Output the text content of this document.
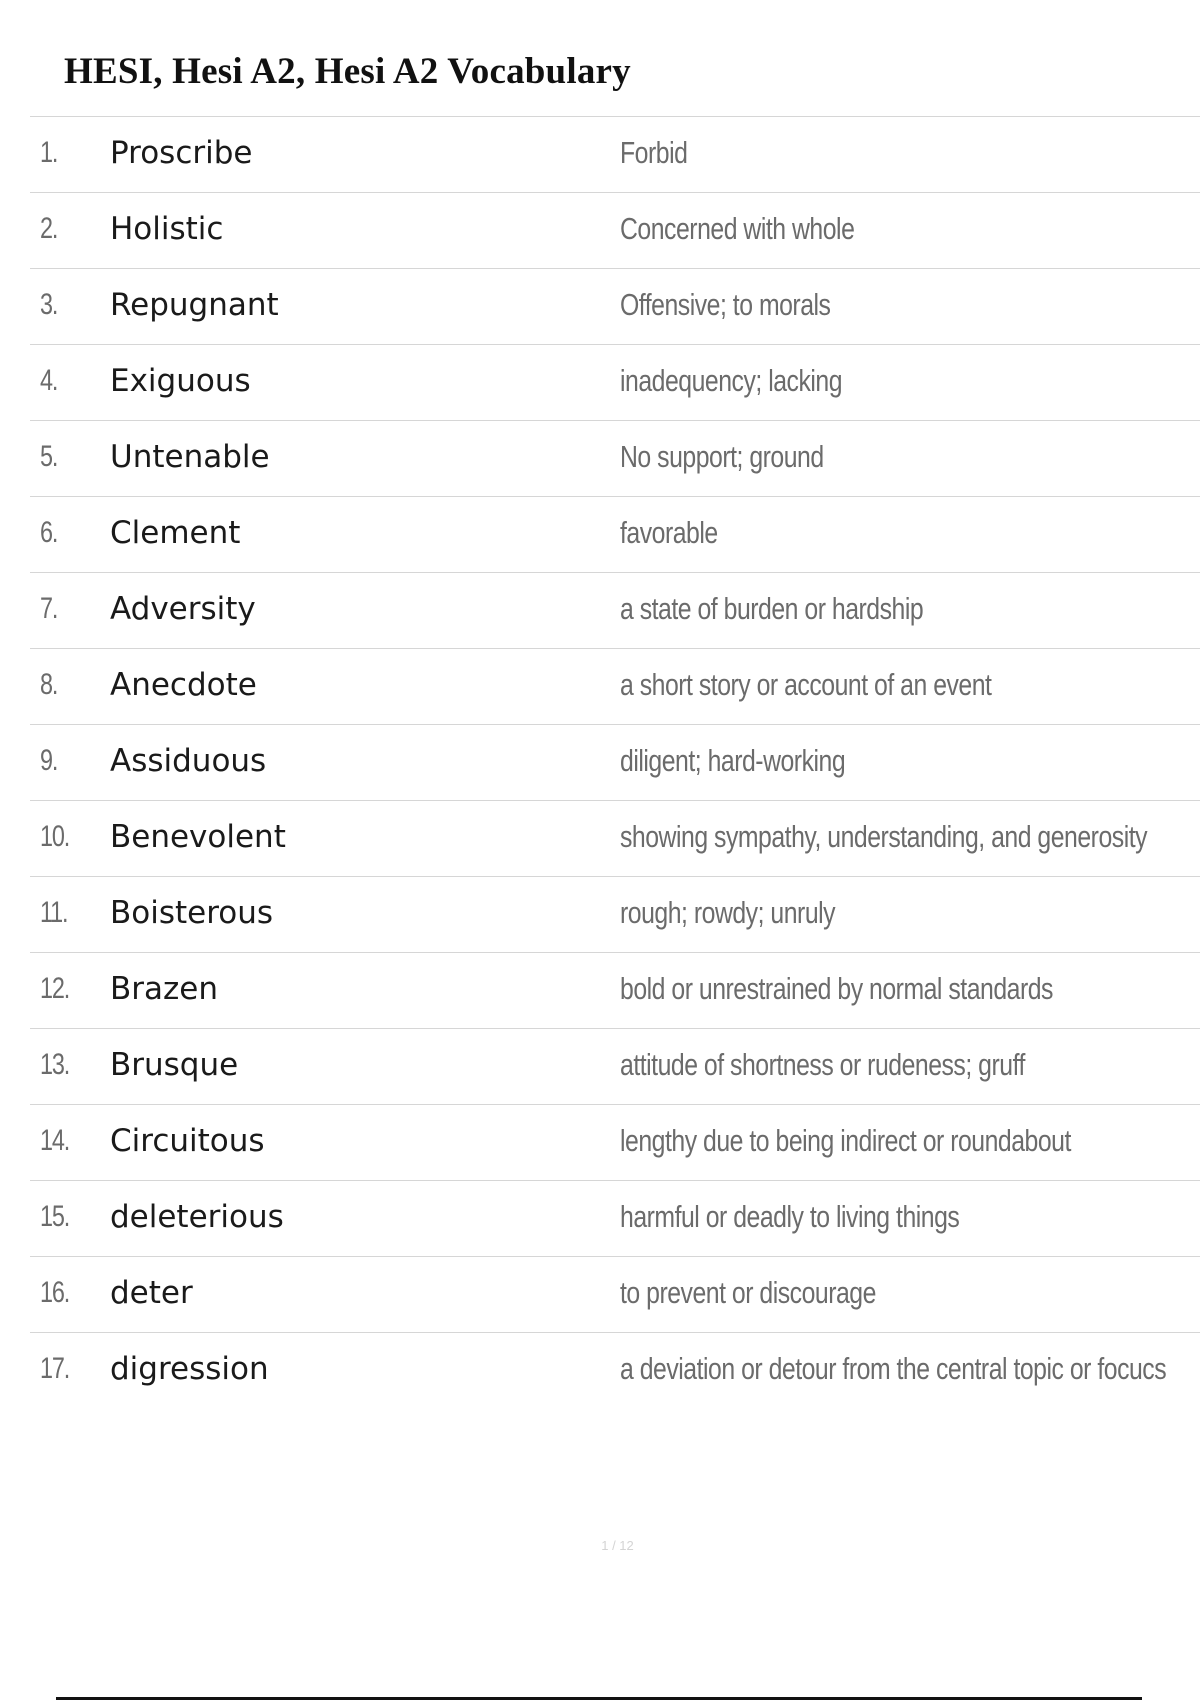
HESI, Hesi A2, Hesi A2 Vocabulary
1. Proscribe	Forbid
2. Holistic	Concerned with whole
3. Repugnant	Offensive; to morals
4. Exiguous	inadequency; lacking
5. Untenable	No support; ground
6. Clement	favorable
7. Adversity	a state of burden or hardship
8. Anecdote	a short story or account of an event
9. Assiduous	diligent; hard-working
10. Benevolent	showing sympathy, understanding, and generosity
11. Boisterous	rough; rowdy; unruly
12. Brazen	bold or unrestrained by normal standards
13. Brusque	attitude of shortness or rudeness; gruff
14. Circuitous	lengthy due to being indirect or roundabout
15. deleterious	harmful or deadly to living things
16. deter	to prevent or discourage
17. digression	a deviation or detour from the central topic or focucs
1 / 12
